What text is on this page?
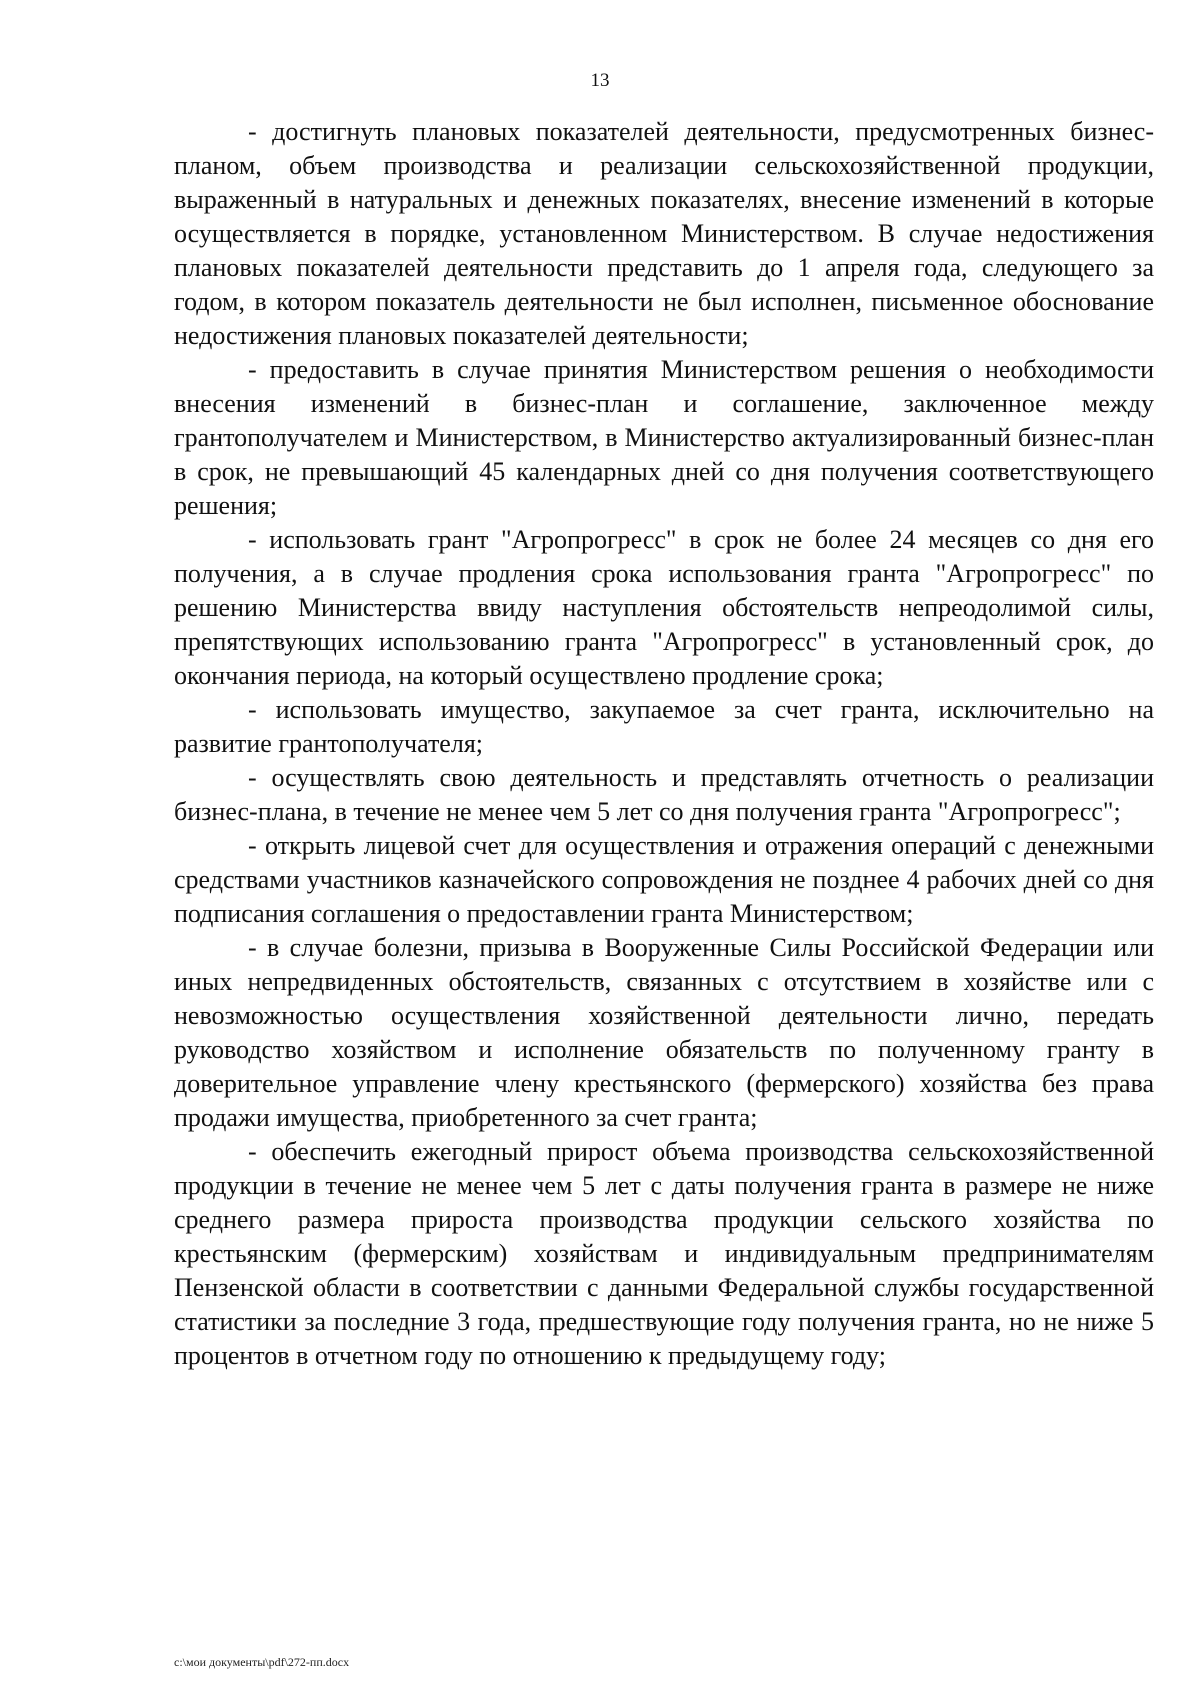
13

- достигнуть плановых показателей деятельности, предусмотренных бизнес-планом, объем производства и реализации сельскохозяйственной продукции, выраженный в натуральных и денежных показателях, внесение изменений в которые осуществляется в порядке, установленном Министерством. В случае недостижения плановых показателей деятельности представить до 1 апреля года, следующего за годом, в котором показатель деятельности не был исполнен, письменное обоснование недостижения плановых показателей деятельности;

- предоставить в случае принятия Министерством решения о необходимости внесения изменений в бизнес-план и соглашение, заключенное между грантополучателем и Министерством, в Министерство актуализированный бизнес-план в срок, не превышающий 45 календарных дней со дня получения соответствующего решения;

- использовать грант "Агропрогресс" в срок не более 24 месяцев со дня его получения, а в случае продления срока использования гранта "Агропрогресс" по решению Министерства ввиду наступления обстоятельств непреодолимой силы, препятствующих использованию гранта "Агропрогресс" в установленный срок, до окончания периода, на который осуществлено продление срока;

- использовать имущество, закупаемое за счет гранта, исключительно на развитие грантополучателя;

- осуществлять свою деятельность и представлять отчетность о реализации бизнес-плана, в течение не менее чем 5 лет со дня получения гранта "Агропрогресс";

- открыть лицевой счет для осуществления и отражения операций с денежными средствами участников казначейского сопровождения не позднее 4 рабочих дней со дня подписания соглашения о предоставлении гранта Министерством;

- в случае болезни, призыва в Вооруженные Силы Российской Федерации или иных непредвиденных обстоятельств, связанных с отсутствием в хозяйстве или с невозможностью осуществления хозяйственной деятельности лично, передать руководство хозяйством и исполнение обязательств по полученному гранту в доверительное управление члену крестьянского (фермерского) хозяйства без права продажи имущества, приобретенного за счет гранта;

- обеспечить ежегодный прирост объема производства сельскохозяйственной продукции в течение не менее чем 5 лет с даты получения гранта в размере не ниже среднего размера прироста производства продукции сельского хозяйства по крестьянским (фермерским) хозяйствам и индивидуальным предпринимателям Пензенской области в соответствии с данными Федеральной службы государственной статистики за последние 3 года, предшествующие году получения гранта, но не ниже 5 процентов в отчетном году по отношению к предыдущему году;

c:\мои документы\pdf\272-пп.docx
